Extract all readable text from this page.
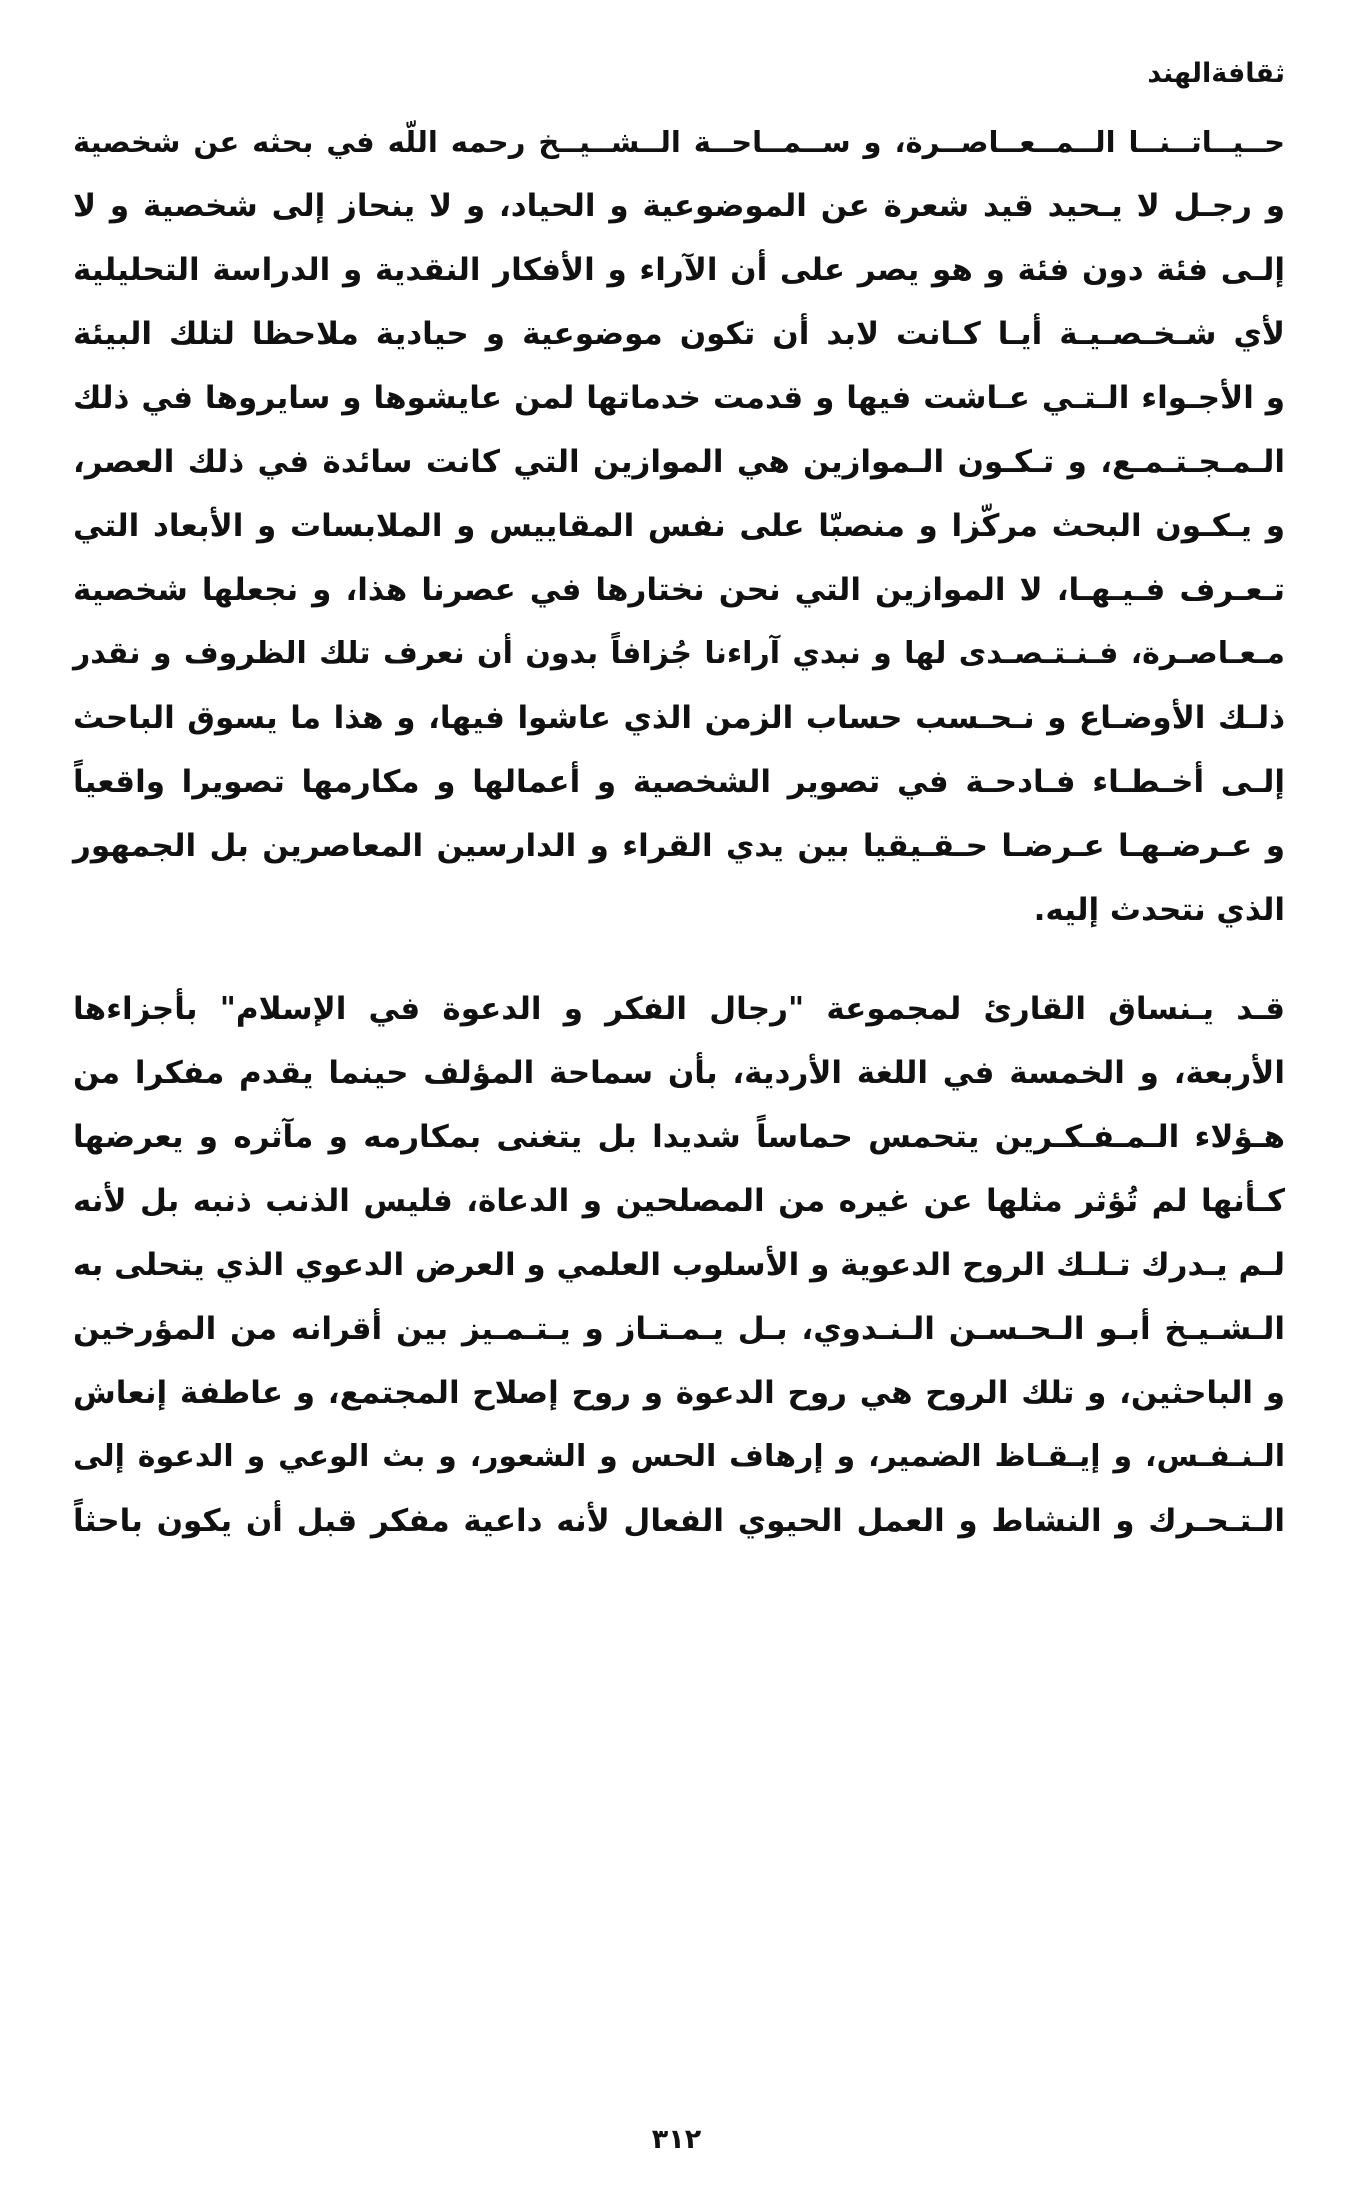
ثقافةالهند
حــيــاتــنــا الــمــعــاصــرة، و ســمــاحــة الــشــيــخ رحمه اللّه في بحثه عن شخصية
و رجـل لا يـحيد قيد شعرة عن الموضوعية و الحياد، و لا ينحاز إلى شخصية و لا
إلـى فئة دون فئة و هو يصر على أن الآراء و الأفكار النقدية و الدراسة التحليلية
لأي شـخـصـيـة أيـا كـانت لابد أن تكون موضوعية و حيادية ملاحظا لتلك البيئة
و الأجـواء الـتـي عـاشت فيها و قدمت خدماتها لمن عايشوها و سايروها في ذلك
الـمـجـتـمـع، و تـكـون الـموازين هي الموازين التي كانت سائدة في ذلك العصر،
و يـكـون البحث مركّزا و منصبّا على نفس المقاييس و الملابسات و الأبعاد التي
تـعـرف فـيـهـا، لا الموازين التي نحن نختارها في عصرنا هذا، و نجعلها شخصية
مـعـاصـرة، فـنـتـصـدى لها و نبدي آراءنا جُزافاً بدون أن نعرف تلك الظروف و نقدر
ذلـك الأوضـاع و نـحـسب حساب الزمن الذي عاشوا فيها، و هذا ما يسوق الباحث
إلـى أخـطـاء فـادحـة في تصوير الشخصية و أعمالها و مكارمها تصويرا واقعياً
و عـرضـهـا عـرضـا حـقـيقيا بين يدي القراء و الدارسين المعاصرين بل الجمهور
الذي نتحدث إليه.
قـد يـنساق القارئ لمجموعة "رجال الفكر و الدعوة في الإسلام" بأجزاءها
الأربعة، و الخمسة في اللغة الأردية، بأن سماحة المؤلف حينما يقدم مفكرا من
هـؤلاء الـمـفـكـرين يتحمس حماساً شديدا بل يتغنى بمكارمه و مآثره و يعرضها
كـأنها لم تُؤثر مثلها عن غيره من المصلحين و الدعاة، فليس الذنب ذنبه بل لأنه
لـم يـدرك تـلـك الروح الدعوية و الأسلوب العلمي و العرض الدعوي الذي يتحلى به
الـشـيـخ أبـو الـحـسـن الـنـدوي، بـل يـمـتـاز و يـتـمـيز بين أقرانه من المؤرخين
و الباحثين، و تلك الروح هي روح الدعوة و روح إصلاح المجتمع، و عاطفة إنعاش
الـنـفـس، و إيـقـاظ الضمير، و إرهاف الحس و الشعور، و بث الوعي و الدعوة إلى
الـتـحـرك و النشاط و العمل الحيوي الفعال لأنه داعية مفكر قبل أن يكون باحثاً
٣١٢
